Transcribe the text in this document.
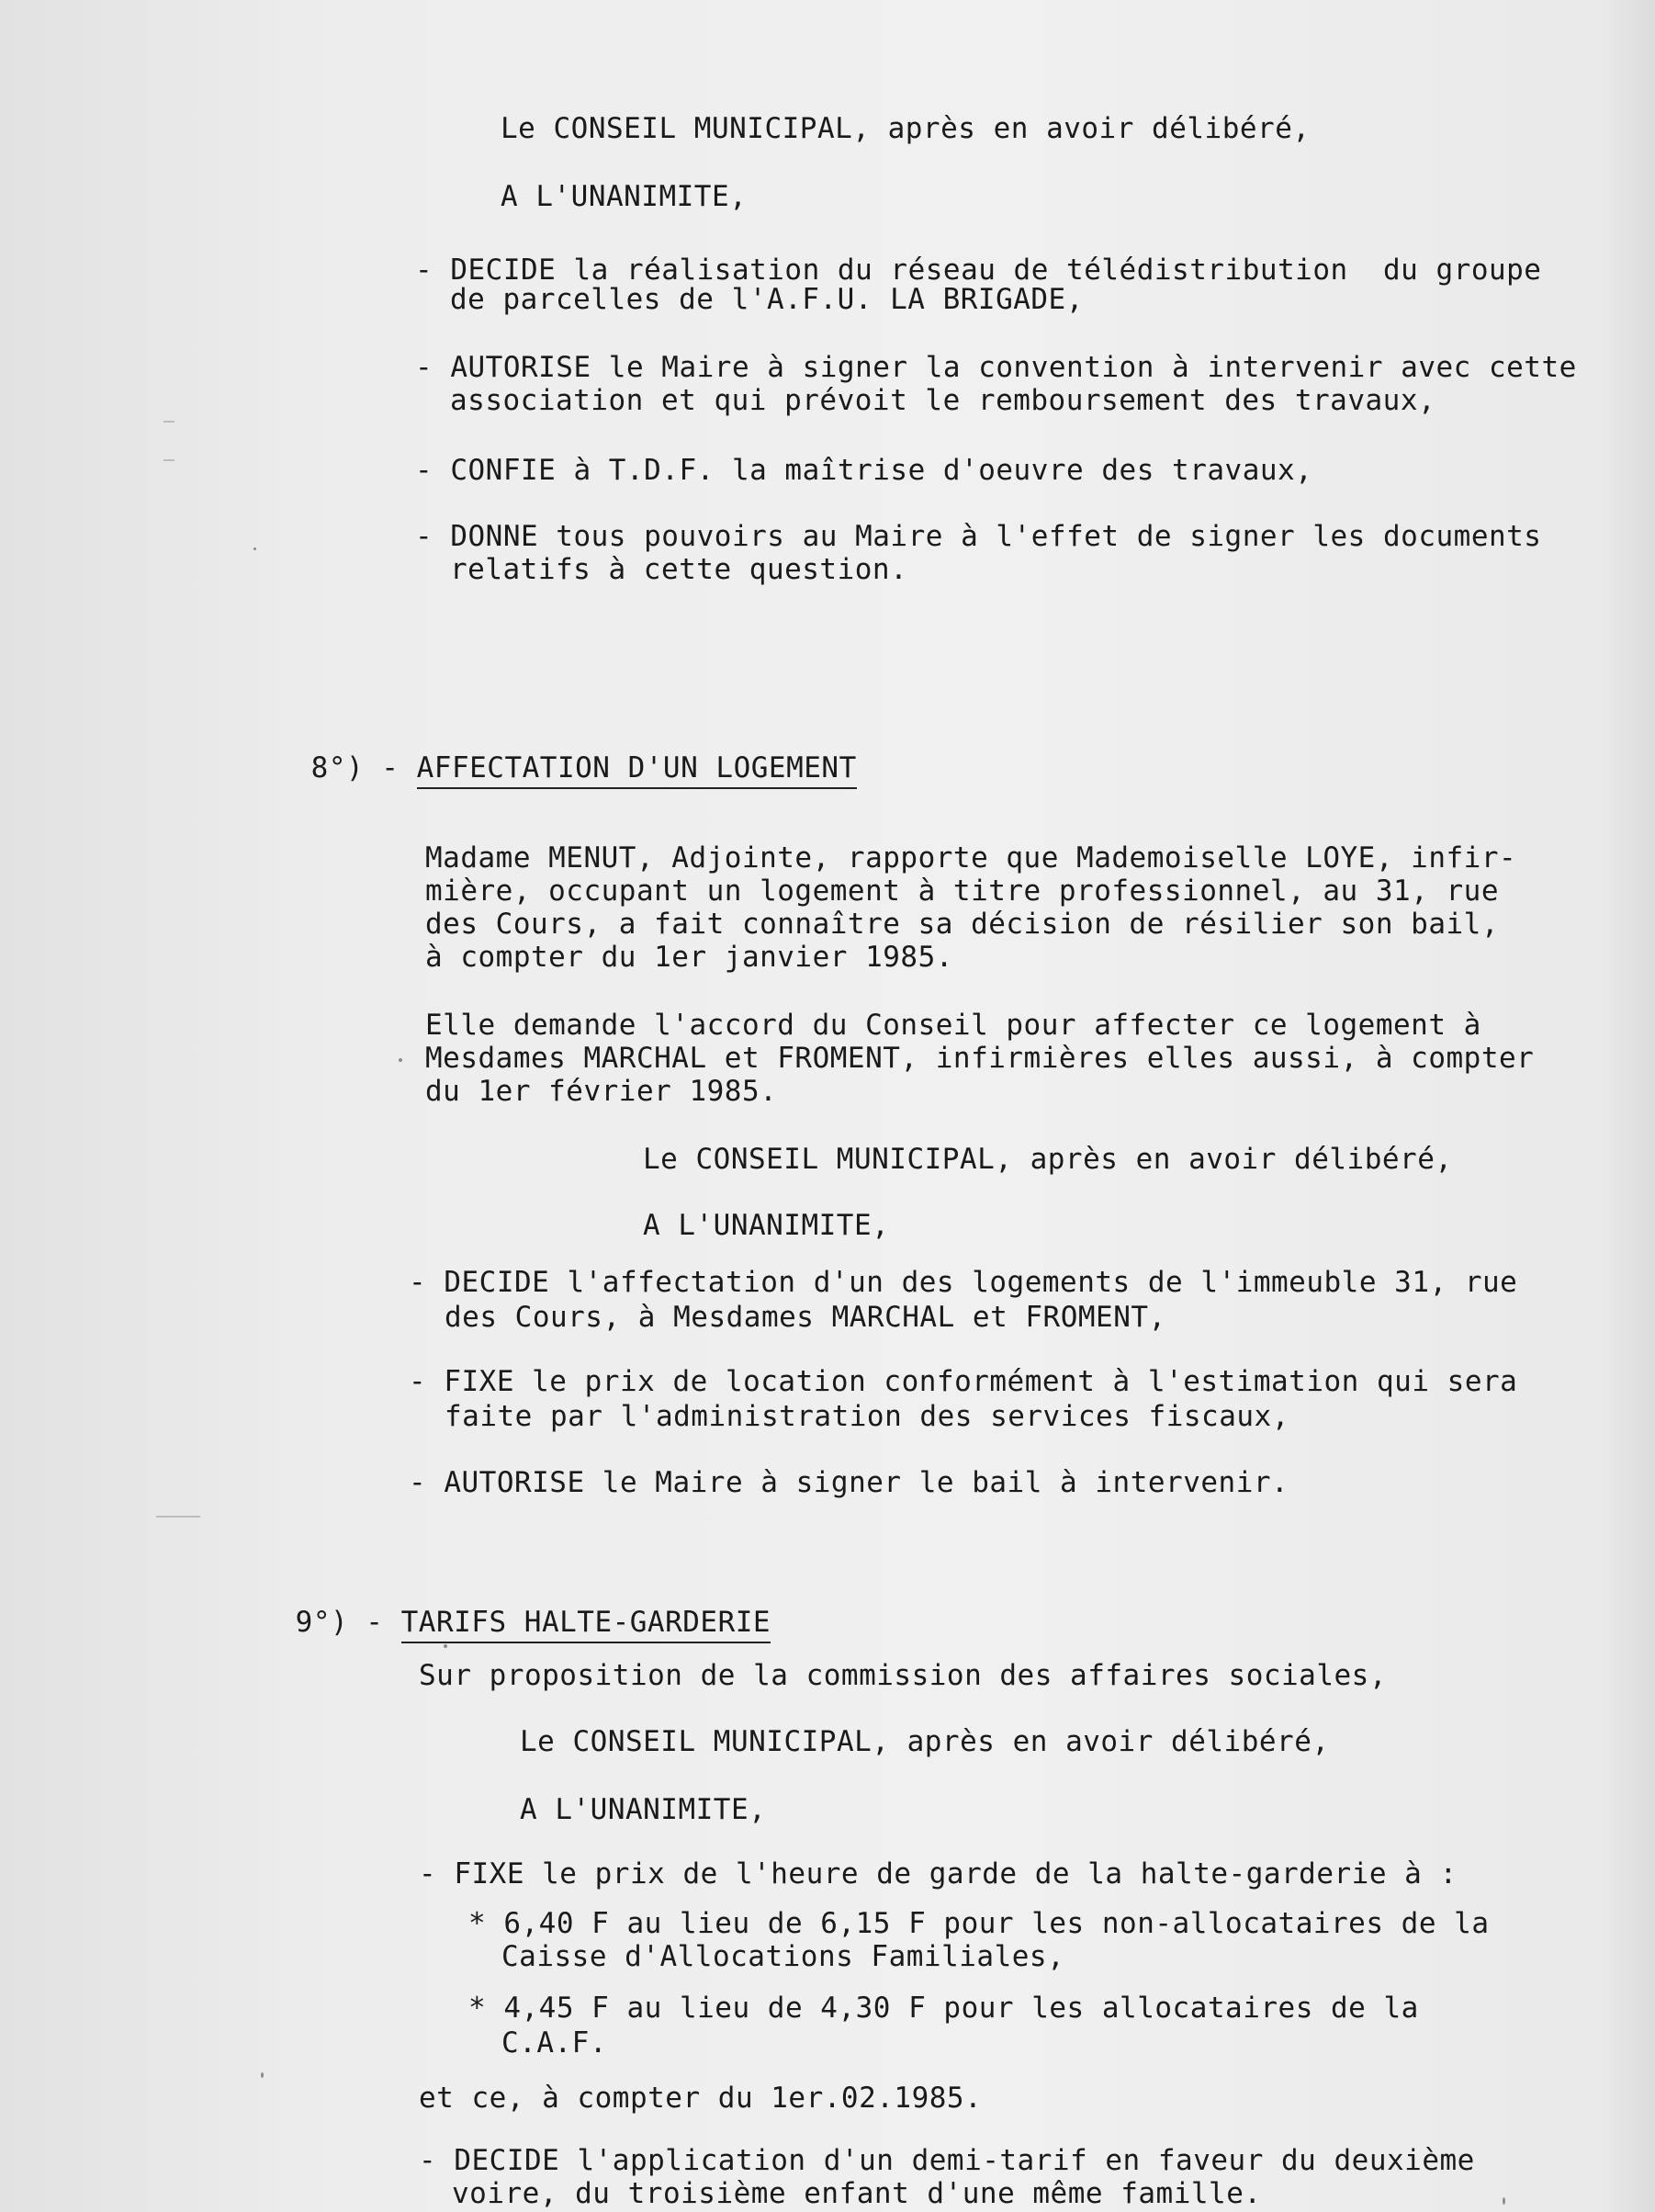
Le CONSEIL MUNICIPAL, après en avoir délibéré,
A L'UNANIMITE,
- DECIDE la réalisation du réseau de télédistribution  du groupe
de parcelles de l'A.F.U. LA BRIGADE,
- AUTORISE le Maire à signer la convention à intervenir avec cette
association et qui prévoit le remboursement des travaux,
- CONFIE à T.D.F. la maîtrise d'oeuvre des travaux,
- DONNE tous pouvoirs au Maire à l'effet de signer les documents
relatifs à cette question.

8°) - AFFECTATION D'UN LOGEMENT

Madame MENUT, Adjointe, rapporte que Mademoiselle LOYE, infir-
mière, occupant un logement à titre professionnel, au 31, rue
des Cours, a fait connaître sa décision de résilier son bail,
à compter du 1er janvier 1985.
Elle demande l'accord du Conseil pour affecter ce logement à
Mesdames MARCHAL et FROMENT, infirmières elles aussi, à compter
du 1er février 1985.
Le CONSEIL MUNICIPAL, après en avoir délibéré,
A L'UNANIMITE,
- DECIDE l'affectation d'un des logements de l'immeuble 31, rue
des Cours, à Mesdames MARCHAL et FROMENT,
- FIXE le prix de location conformément à l'estimation qui sera
faite par l'administration des services fiscaux,
- AUTORISE le Maire à signer le bail à intervenir.

9°) - TARIFS HALTE-GARDERIE

Sur proposition de la commission des affaires sociales,
Le CONSEIL MUNICIPAL, après en avoir délibéré,
A L'UNANIMITE,
- FIXE le prix de l'heure de garde de la halte-garderie à :
* 6,40 F au lieu de 6,15 F pour les non-allocataires de la
Caisse d'Allocations Familiales,
* 4,45 F au lieu de 4,30 F pour les allocataires de la
C.A.F.
et ce, à compter du 1er.02.1985.
- DECIDE l'application d'un demi-tarif en faveur du deuxième
voire, du troisième enfant d'une même famille.
